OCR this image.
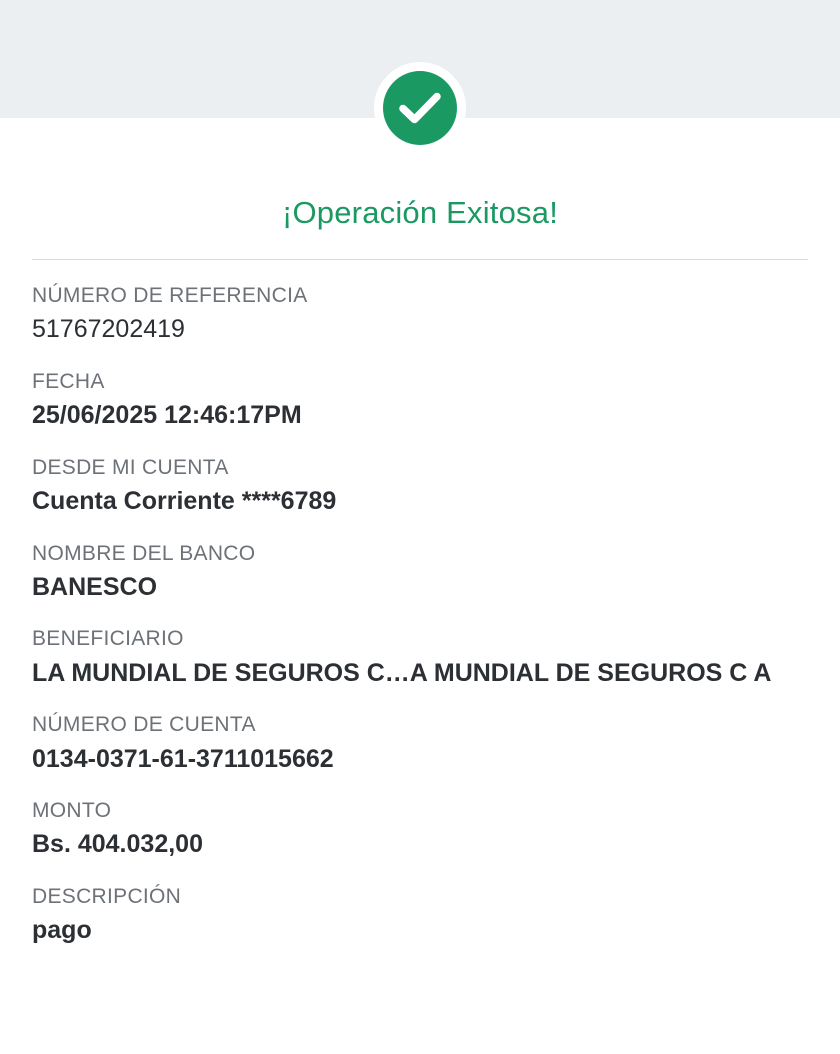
¡Operación Exitosa!
NÚMERO DE REFERENCIA
51767202419
FECHA
25/06/2025 12:46:17PM
DESDE MI CUENTA
Cuenta Corriente ****6789
NOMBRE DEL BANCO
BANESCO
BENEFICIARIO
LA MUNDIAL DE SEGUROS C…A MUNDIAL DE SEGUROS C A
NÚMERO DE CUENTA
0134-0371-61-3711015662
MONTO
Bs. 404.032,00
DESCRIPCIÓN
pago
